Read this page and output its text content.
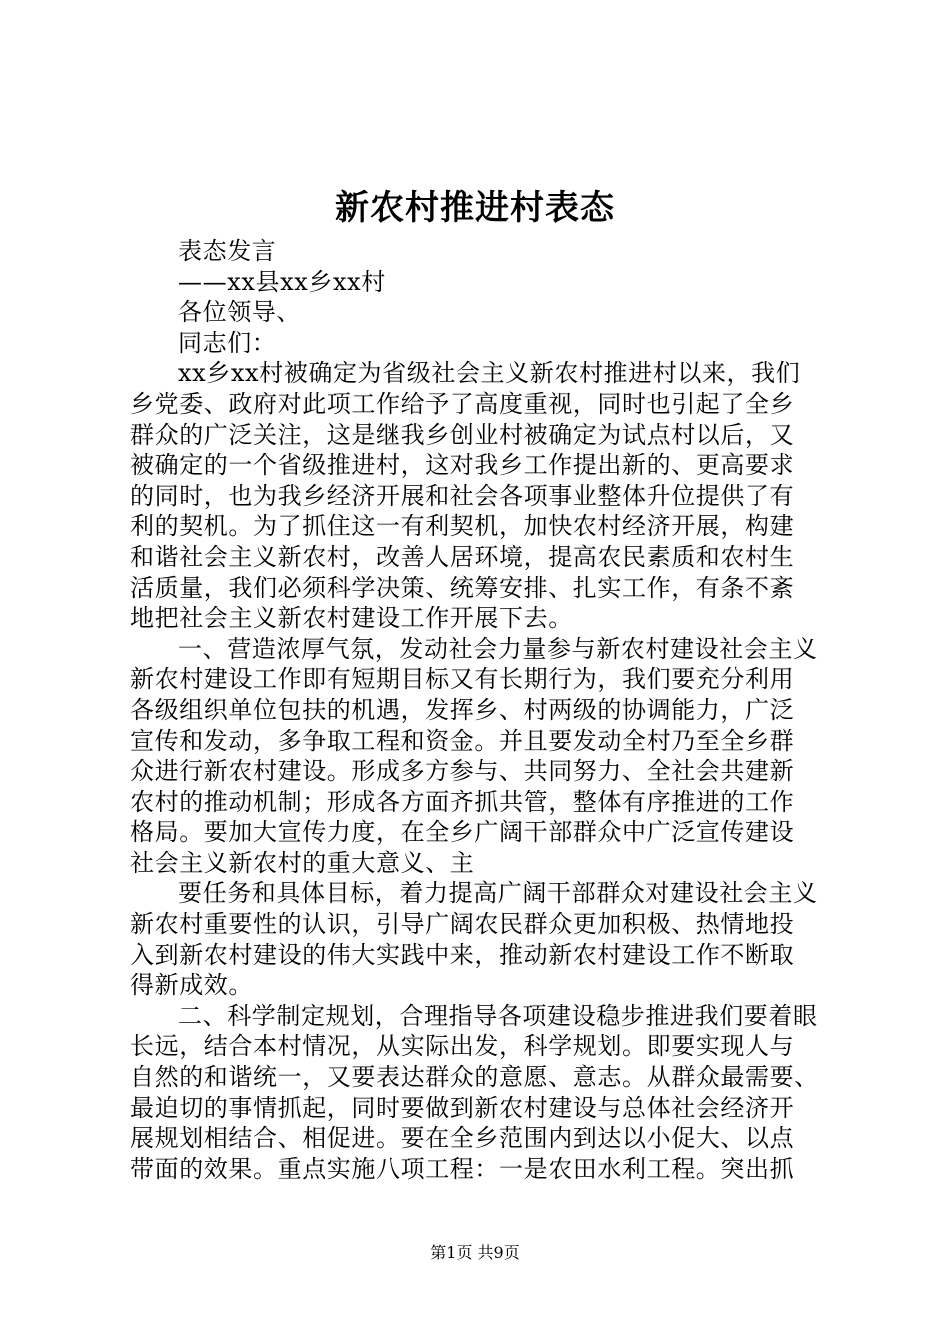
新农村推进村表态
表态发言
——xx县xx乡xx村
各位领导、
同志们：
xx乡xx村被确定为省级社会主义新农村推进村以来，我们
乡党委、政府对此项工作给予了高度重视，同时也引起了全乡
群众的广泛关注，这是继我乡创业村被确定为试点村以后，又
被确定的一个省级推进村，这对我乡工作提出新的、更高要求
的同时，也为我乡经济开展和社会各项事业整体升位提供了有
利的契机。为了抓住这一有利契机，加快农村经济开展，构建
和谐社会主义新农村，改善人居环境，提高农民素质和农村生
活质量，我们必须科学决策、统筹安排、扎实工作，有条不紊
地把社会主义新农村建设工作开展下去。
一、营造浓厚气氛，发动社会力量参与新农村建设社会主义
新农村建设工作即有短期目标又有长期行为，我们要充分利用
各级组织单位包扶的机遇，发挥乡、村两级的协调能力，广泛
宣传和发动，多争取工程和资金。并且要发动全村乃至全乡群
众进行新农村建设。形成多方参与、共同努力、全社会共建新
农村的推动机制；形成各方面齐抓共管，整体有序推进的工作
格局。要加大宣传力度，在全乡广阔干部群众中广泛宣传建设
社会主义新农村的重大意义、主
要任务和具体目标，着力提高广阔干部群众对建设社会主义
新农村重要性的认识，引导广阔农民群众更加积极、热情地投
入到新农村建设的伟大实践中来，推动新农村建设工作不断取
得新成效。
二、科学制定规划，合理指导各项建设稳步推进我们要着眼
长远，结合本村情况，从实际出发，科学规划。即要实现人与
自然的和谐统一，又要表达群众的意愿、意志。从群众最需要、
最迫切的事情抓起，同时要做到新农村建设与总体社会经济开
展规划相结合、相促进。要在全乡范围内到达以小促大、以点
带面的效果。重点实施八项工程：一是农田水利工程。突出抓
第1页 共9页
